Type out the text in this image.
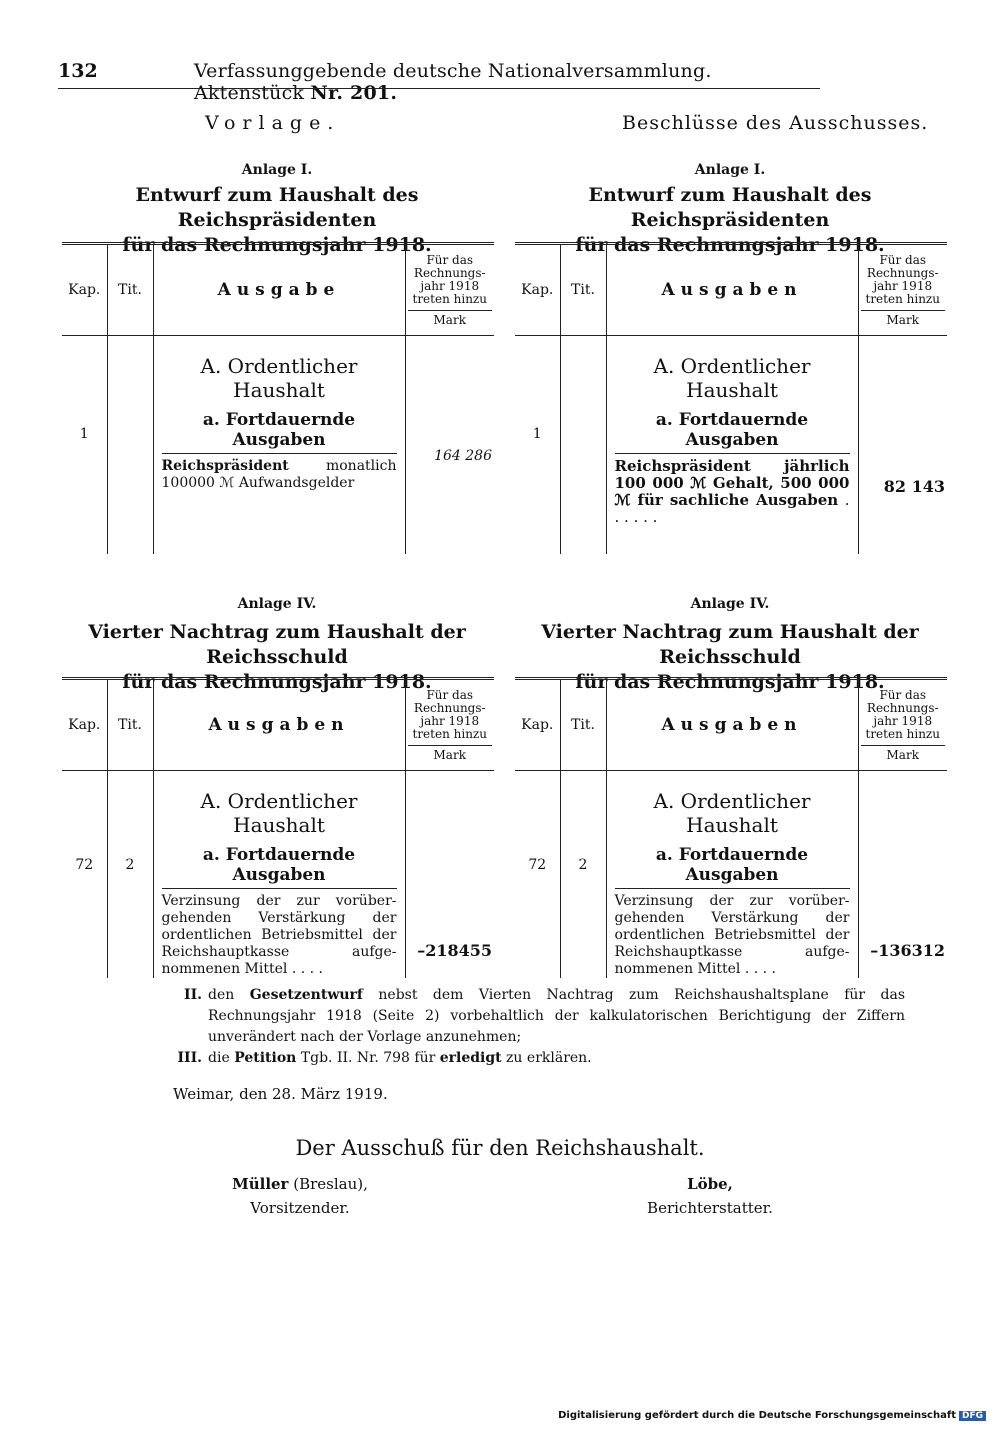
132	Verfassunggebende deutsche Nationalversammlung. Aktenstück Nr. 201.
Vorlage.	Beschlüsse des Ausschusses.
Anlage I.
Entwurf zum Haushalt des Reichspräsidenten
für das Rechnungsjahr 1918.
Anlage I.
Entwurf zum Haushalt des Reichspräsidenten
für das Rechnungsjahr 1918.
Kap.	Tit.	Ausgabe	Für das Rechnungs- jahr 1918 treten hinzu
Mark

1		A. Ordentlicher Haushalt
a. Fortdauernde Ausgaben
Reichspräsident monatlich 100000 ℳ Aufwandsgelder	164 286
Kap.	Tit.	Ausgaben	Für das Rechnungs- jahr 1918 treten hinzu
Mark

1		A. Ordentlicher Haushalt
a. Fortdauernde Ausgaben
Reichspräsident jährlich 100 000 ℳ Gehalt, 500 000 ℳ für sachliche Ausgaben . . . . . .	82 143
Anlage IV.
Vierter Nachtrag zum Haushalt der Reichsschuld
für das Rechnungsjahr 1918.
Anlage IV.
Vierter Nachtrag zum Haushalt der Reichsschuld
für das Rechnungsjahr 1918.
Kap.	Tit.	Ausgaben	Für das Rechnungs- jahr 1918 treten hinzu
Mark

72	2	A. Ordentlicher Haushalt
a. Fortdauernde Ausgaben
Verzinsung der zur vorüber- gehenden Verstärkung der ordentlichen Betriebsmittel der Reichshauptkasse aufge- nommenen Mittel . . . .	–218455
Kap.	Tit.	Ausgaben	Für das Rechnungs- jahr 1918 treten hinzu
Mark

72	2	A. Ordentlicher Haushalt
a. Fortdauernde Ausgaben
Verzinsung der zur vorüber- gehenden Verstärkung der ordentlichen Betriebsmittel der Reichshauptkasse aufge- nommenen Mittel . . . .	–136312
II. den Gesetzentwurf nebst dem Vierten Nachtrag zum Reichshaushaltsplane für das Rechnungsjahr 1918 (Seite 2) vorbehaltlich der kalkulatorischen Berichtigung der Ziffern unverändert nach der Vorlage anzunehmen;
III. die Petition Tgb. II. Nr. 798 für erledigt zu erklären.
Weimar, den 28. März 1919.
Der Ausschuß für den Reichshaushalt.
Müller (Breslau),
Vorsitzender.
Löbe,
Berichterstatter.
Digitalisierung gefördert durch die Deutsche Forschungsgemeinschaft DFG
